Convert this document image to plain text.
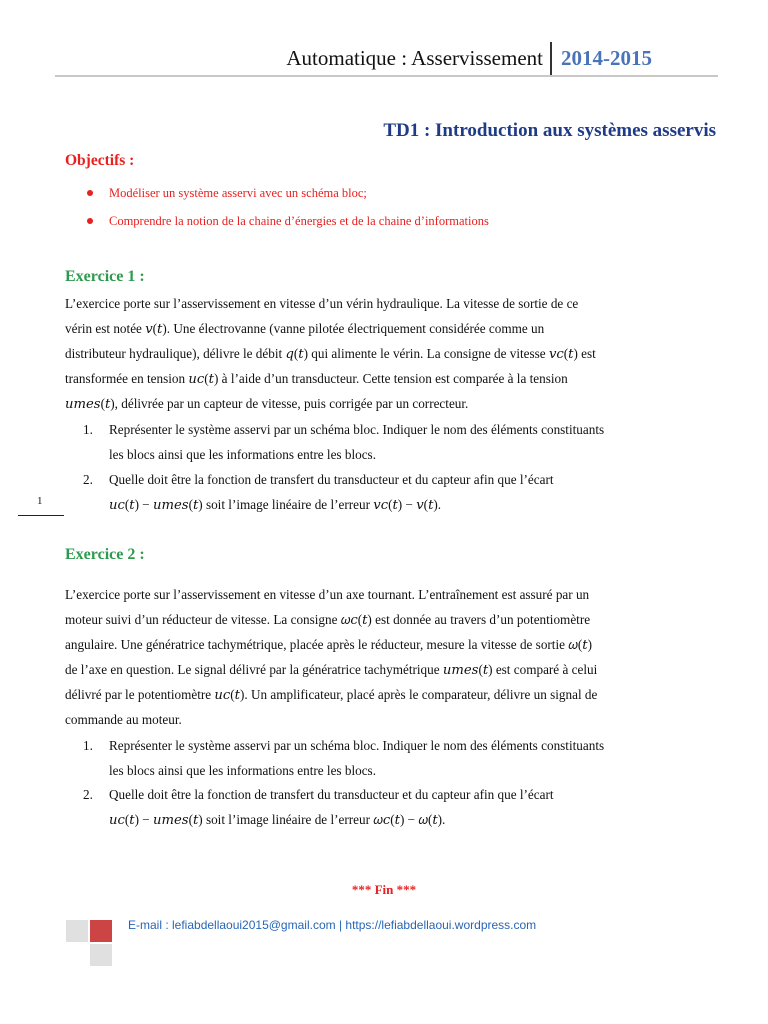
Automatique : Asservissement 2014-2015
TD1 : Introduction aux systèmes asservis
Objectifs :
Modéliser un système asservi avec un schéma bloc;
Comprendre la notion de la chaine d’énergies et de la chaine d’informations
Exercice 1 :
L’exercice porte sur l’asservissement en vitesse d’un vérin hydraulique. La vitesse de sortie de ce
vérin est notée 𝑣(𝑡). Une électrovanne (vanne pilotée électriquement considérée comme un
distributeur hydraulique), délivre le débit 𝑞(𝑡) qui alimente le vérin. La consigne de vitesse 𝑣𝑐(𝑡) est
transformée en tension 𝑢𝑐(𝑡) à l’aide d’un transducteur. Cette tension est comparée à la tension
𝑢𝑚𝑒𝑠(𝑡), délivrée par un capteur de vitesse, puis corrigée par un correcteur.
1. Représenter le système asservi par un schéma bloc. Indiquer le nom des éléments constituants
les blocs ainsi que les informations entre les blocs.
2. Quelle doit être la fonction de transfert du transducteur et du capteur afin que l’écart
𝑢𝑐(𝑡) − 𝑢𝑚𝑒𝑠(𝑡) soit l’image linéaire de l’erreur 𝑣𝑐(𝑡) − 𝑣(𝑡).
1
Exercice 2 :
L’exercice porte sur l’asservissement en vitesse d’un axe tournant. L’entraînement est assuré par un
moteur suivi d’un réducteur de vitesse. La consigne 𝜔𝑐(𝑡) est donnée au travers d’un potentiomètre
angulaire. Une génératrice tachymétrique, placée après le réducteur, mesure la vitesse de sortie 𝜔(𝑡)
de l’axe en question. Le signal délivré par la génératrice tachymétrique 𝑢𝑚𝑒𝑠(𝑡) est comparé à celui
délivré par le potentiomètre 𝑢𝑐(𝑡). Un amplificateur, placé après le comparateur, délivre un signal de
commande au moteur.
1. Représenter le système asservi par un schéma bloc. Indiquer le nom des éléments constituants
les blocs ainsi que les informations entre les blocs.
2. Quelle doit être la fonction de transfert du transducteur et du capteur afin que l’écart
𝑢𝑐(𝑡) − 𝑢𝑚𝑒𝑠(𝑡) soit l’image linéaire de l’erreur 𝜔𝑐(𝑡) − 𝜔(𝑡).
*** Fin ***
E-mail : lefiabdellaoui2015@gmail.com | https://lefiabdellaoui.wordpress.com
